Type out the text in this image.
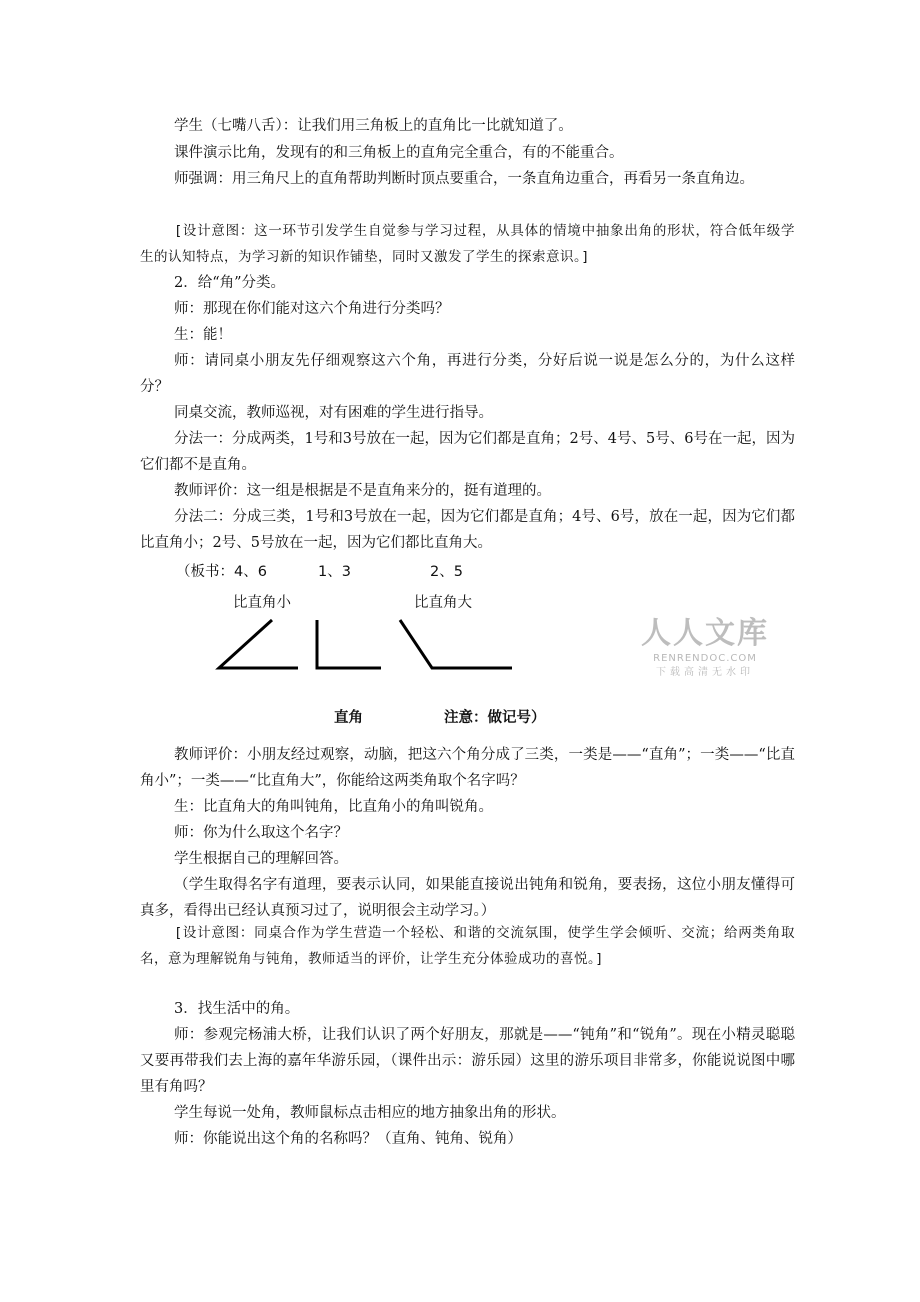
学生（七嘴八舌）：让我们用三角板上的直角比一比就知道了。

课件演示比角，发现有的和三角板上的直角完全重合，有的不能重合。

师强调：用三角尺上的直角帮助判断时顶点要重合，一条直角边重合，再看另一条直角边。

[设计意图：这一环节引发学生自觉参与学习过程，从具体的情境中抽象出角的形状，符合低年级学生的认知特点，为学习新的知识作铺垫，同时又激发了学生的探索意识。]

2．给“角”分类。

师：那现在你们能对这六个角进行分类吗？

生：能！

师：请同桌小朋友先仔细观察这六个角，再进行分类，分好后说一说是怎么分的，为什么这样分？

同桌交流，教师巡视，对有困难的学生进行指导。

分法一：分成两类，1号和3号放在一起，因为它们都是直角；2号、4号、5号、6号在一起，因为它们都不是直角。

教师评价：这一组是根据是不是直角来分的，挺有道理的。

分法二：分成三类，1号和3号放在一起，因为它们都是直角；4号、6号，放在一起，因为它们都比直角小；2号、5号放在一起，因为它们都比直角大。

（板书：4、6	1、3	2、5
比直角小	比直角大
直角	注意：做记号）
人人文库
RENRENDOC.COM
下载高清无水印

教师评价：小朋友经过观察，动脑，把这六个角分成了三类，一类是——“直角”；一类——“比直角小”；一类——“比直角大”，你能给这两类角取个名字吗？

生：比直角大的角叫钝角，比直角小的角叫锐角。

师：你为什么取这个名字？

学生根据自己的理解回答。

（学生取得名字有道理，要表示认同，如果能直接说出钝角和锐角，要表扬，这位小朋友懂得可真多，看得出已经认真预习过了，说明很会主动学习。）

[设计意图：同桌合作为学生营造一个轻松、和谐的交流氛围，使学生学会倾听、交流；给两类角取名，意为理解锐角与钝角，教师适当的评价，让学生充分体验成功的喜悦。]

3．找生活中的角。

师：参观完杨浦大桥，让我们认识了两个好朋友，那就是——“钝角”和“锐角”。现在小精灵聪聪又要再带我们去上海的嘉年华游乐园，（课件出示：游乐园）这里的游乐项目非常多，你能说说图中哪里有角吗？

学生每说一处角，教师鼠标点击相应的地方抽象出角的形状。

师：你能说出这个角的名称吗？（直角、钝角、锐角）
